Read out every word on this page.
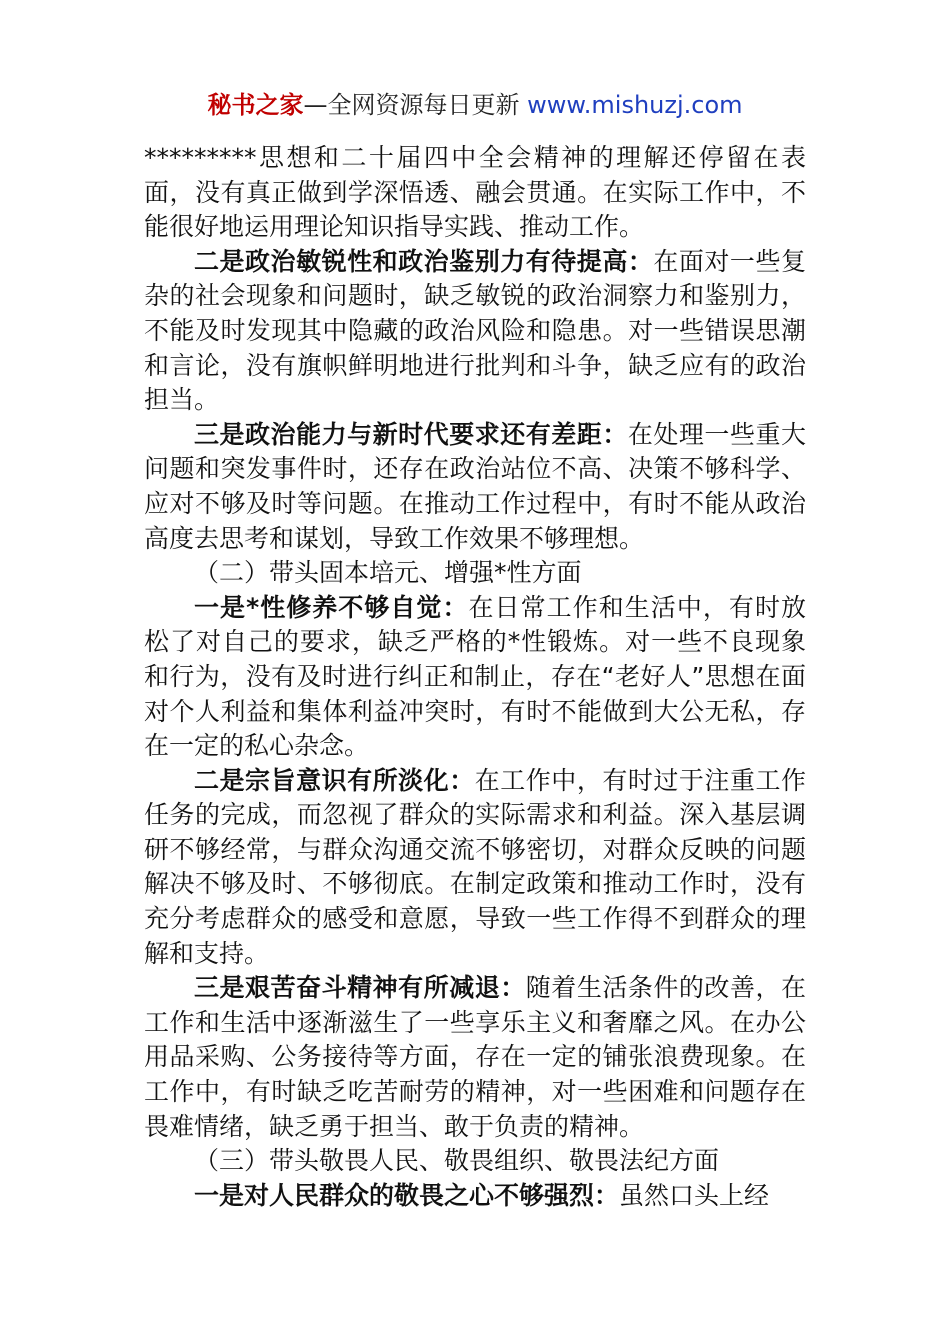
秘书之家—全网资源每日更新 www.mishuzj.com

*********思想和二十届四中全会精神的理解还停留在表面，没有真正做到学深悟透、融会贯通。在实际工作中，不能很好地运用理论知识指导实践、推动工作。

二是政治敏锐性和政治鉴别力有待提高：在面对一些复杂的社会现象和问题时，缺乏敏锐的政治洞察力和鉴别力，不能及时发现其中隐藏的政治风险和隐患。对一些错误思潮和言论，没有旗帜鲜明地进行批判和斗争，缺乏应有的政治担当。

三是政治能力与新时代要求还有差距：在处理一些重大问题和突发事件时，还存在政治站位不高、决策不够科学、应对不够及时等问题。在推动工作过程中，有时不能从政治高度去思考和谋划，导致工作效果不够理想。

（二）带头固本培元、增强*性方面

一是*性修养不够自觉：在日常工作和生活中，有时放松了对自己的要求，缺乏严格的*性锻炼。对一些不良现象和行为，没有及时进行纠正和制止，存在“老好人”思想在面对个人利益和集体利益冲突时，有时不能做到大公无私，存在一定的私心杂念。

二是宗旨意识有所淡化：在工作中，有时过于注重工作任务的完成，而忽视了群众的实际需求和利益。深入基层调研不够经常，与群众沟通交流不够密切，对群众反映的问题解决不够及时、不够彻底。在制定政策和推动工作时，没有充分考虑群众的感受和意愿，导致一些工作得不到群众的理解和支持。

三是艰苦奋斗精神有所减退：随着生活条件的改善，在工作和生活中逐渐滋生了一些享乐主义和奢靡之风。在办公用品采购、公务接待等方面，存在一定的铺张浪费现象。在工作中，有时缺乏吃苦耐劳的精神，对一些困难和问题存在畏难情绪，缺乏勇于担当、敢于负责的精神。

（三）带头敬畏人民、敬畏组织、敬畏法纪方面

一是对人民群众的敬畏之心不够强烈：虽然口头上经
